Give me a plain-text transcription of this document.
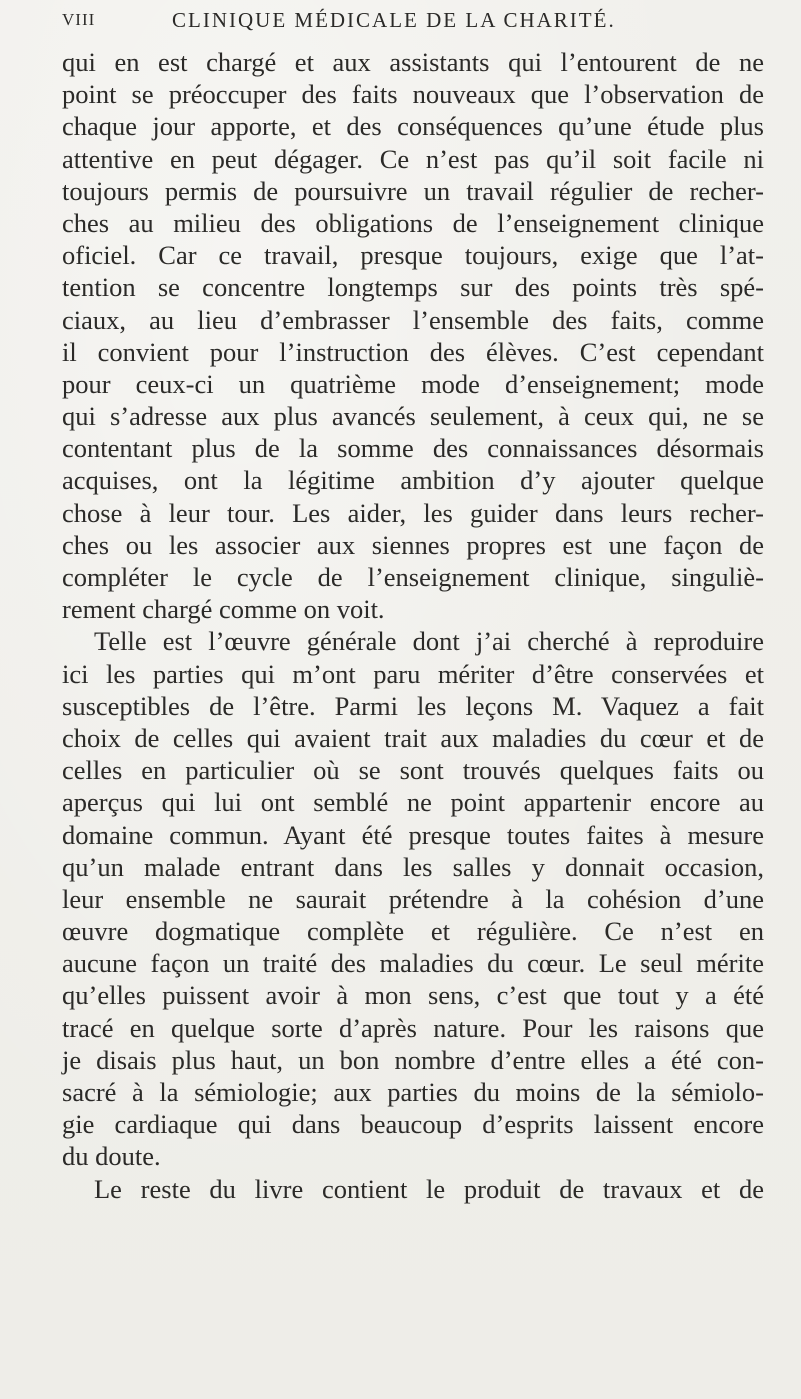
VIII	CLINIQUE MÉDICALE DE LA CHARITÉ.
qui en est chargé et aux assistants qui l’entourent de ne
point se préoccuper des faits nouveaux que l’observation de
chaque jour apporte, et des conséquences qu’une étude plus
attentive en peut dégager. Ce n’est pas qu’il soit facile ni
toujours permis de poursuivre un travail régulier de recher-
ches au milieu des obligations de l’enseignement clinique
oficiel. Car ce travail, presque toujours, exige que l’at-
tention se concentre longtemps sur des points très spé-
ciaux, au lieu d’embrasser l’ensemble des faits, comme
il convient pour l’instruction des élèves. C’est cependant
pour ceux-ci un quatrième mode d’enseignement; mode
qui s’adresse aux plus avancés seulement, à ceux qui, ne se
contentant plus de la somme des connaissances désormais
acquises, ont la légitime ambition d’y ajouter quelque
chose à leur tour. Les aider, les guider dans leurs recher-
ches ou les associer aux siennes propres est une façon de
compléter le cycle de l’enseignement clinique, singuliè-
rement chargé comme on voit.
Telle est l’œuvre générale dont j’ai cherché à reproduire
ici les parties qui m’ont paru mériter d’être conservées et
susceptibles de l’être. Parmi les leçons M. Vaquez a fait
choix de celles qui avaient trait aux maladies du cœur et de
celles en particulier où se sont trouvés quelques faits ou
aperçus qui lui ont semblé ne point appartenir encore au
domaine commun. Ayant été presque toutes faites à mesure
qu’un malade entrant dans les salles y donnait occasion,
leur ensemble ne saurait prétendre à la cohésion d’une
œuvre dogmatique complète et régulière. Ce n’est en
aucune façon un traité des maladies du cœur. Le seul mérite
qu’elles puissent avoir à mon sens, c’est que tout y a été
tracé en quelque sorte d’après nature. Pour les raisons que
je disais plus haut, un bon nombre d’entre elles a été con-
sacré à la sémiologie; aux parties du moins de la sémiolo-
gie cardiaque qui dans beaucoup d’esprits laissent encore
du doute.
Le reste du livre contient le produit de travaux et de
